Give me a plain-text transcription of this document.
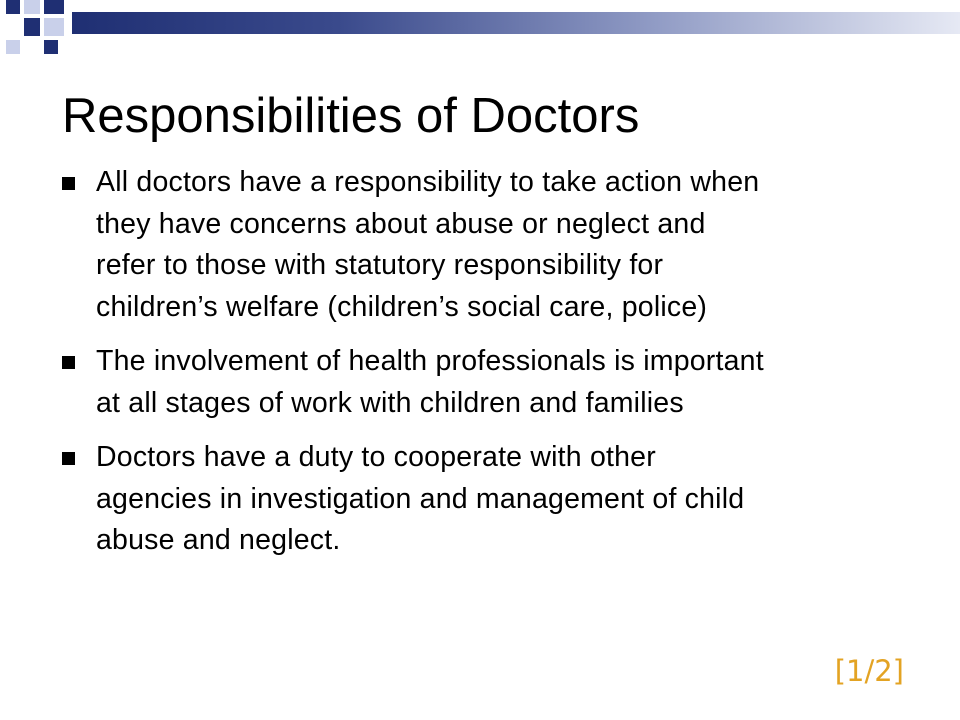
Responsibilities of Doctors
All doctors have a responsibility to take action when
they have concerns about abuse or neglect and
refer to those with statutory responsibility for
children’s welfare (children’s social care, police)
The involvement of health professionals is important
at all stages of work with children and families
Doctors have a duty to cooperate with other
agencies in investigation and management of child
abuse and neglect.
[1/2]
